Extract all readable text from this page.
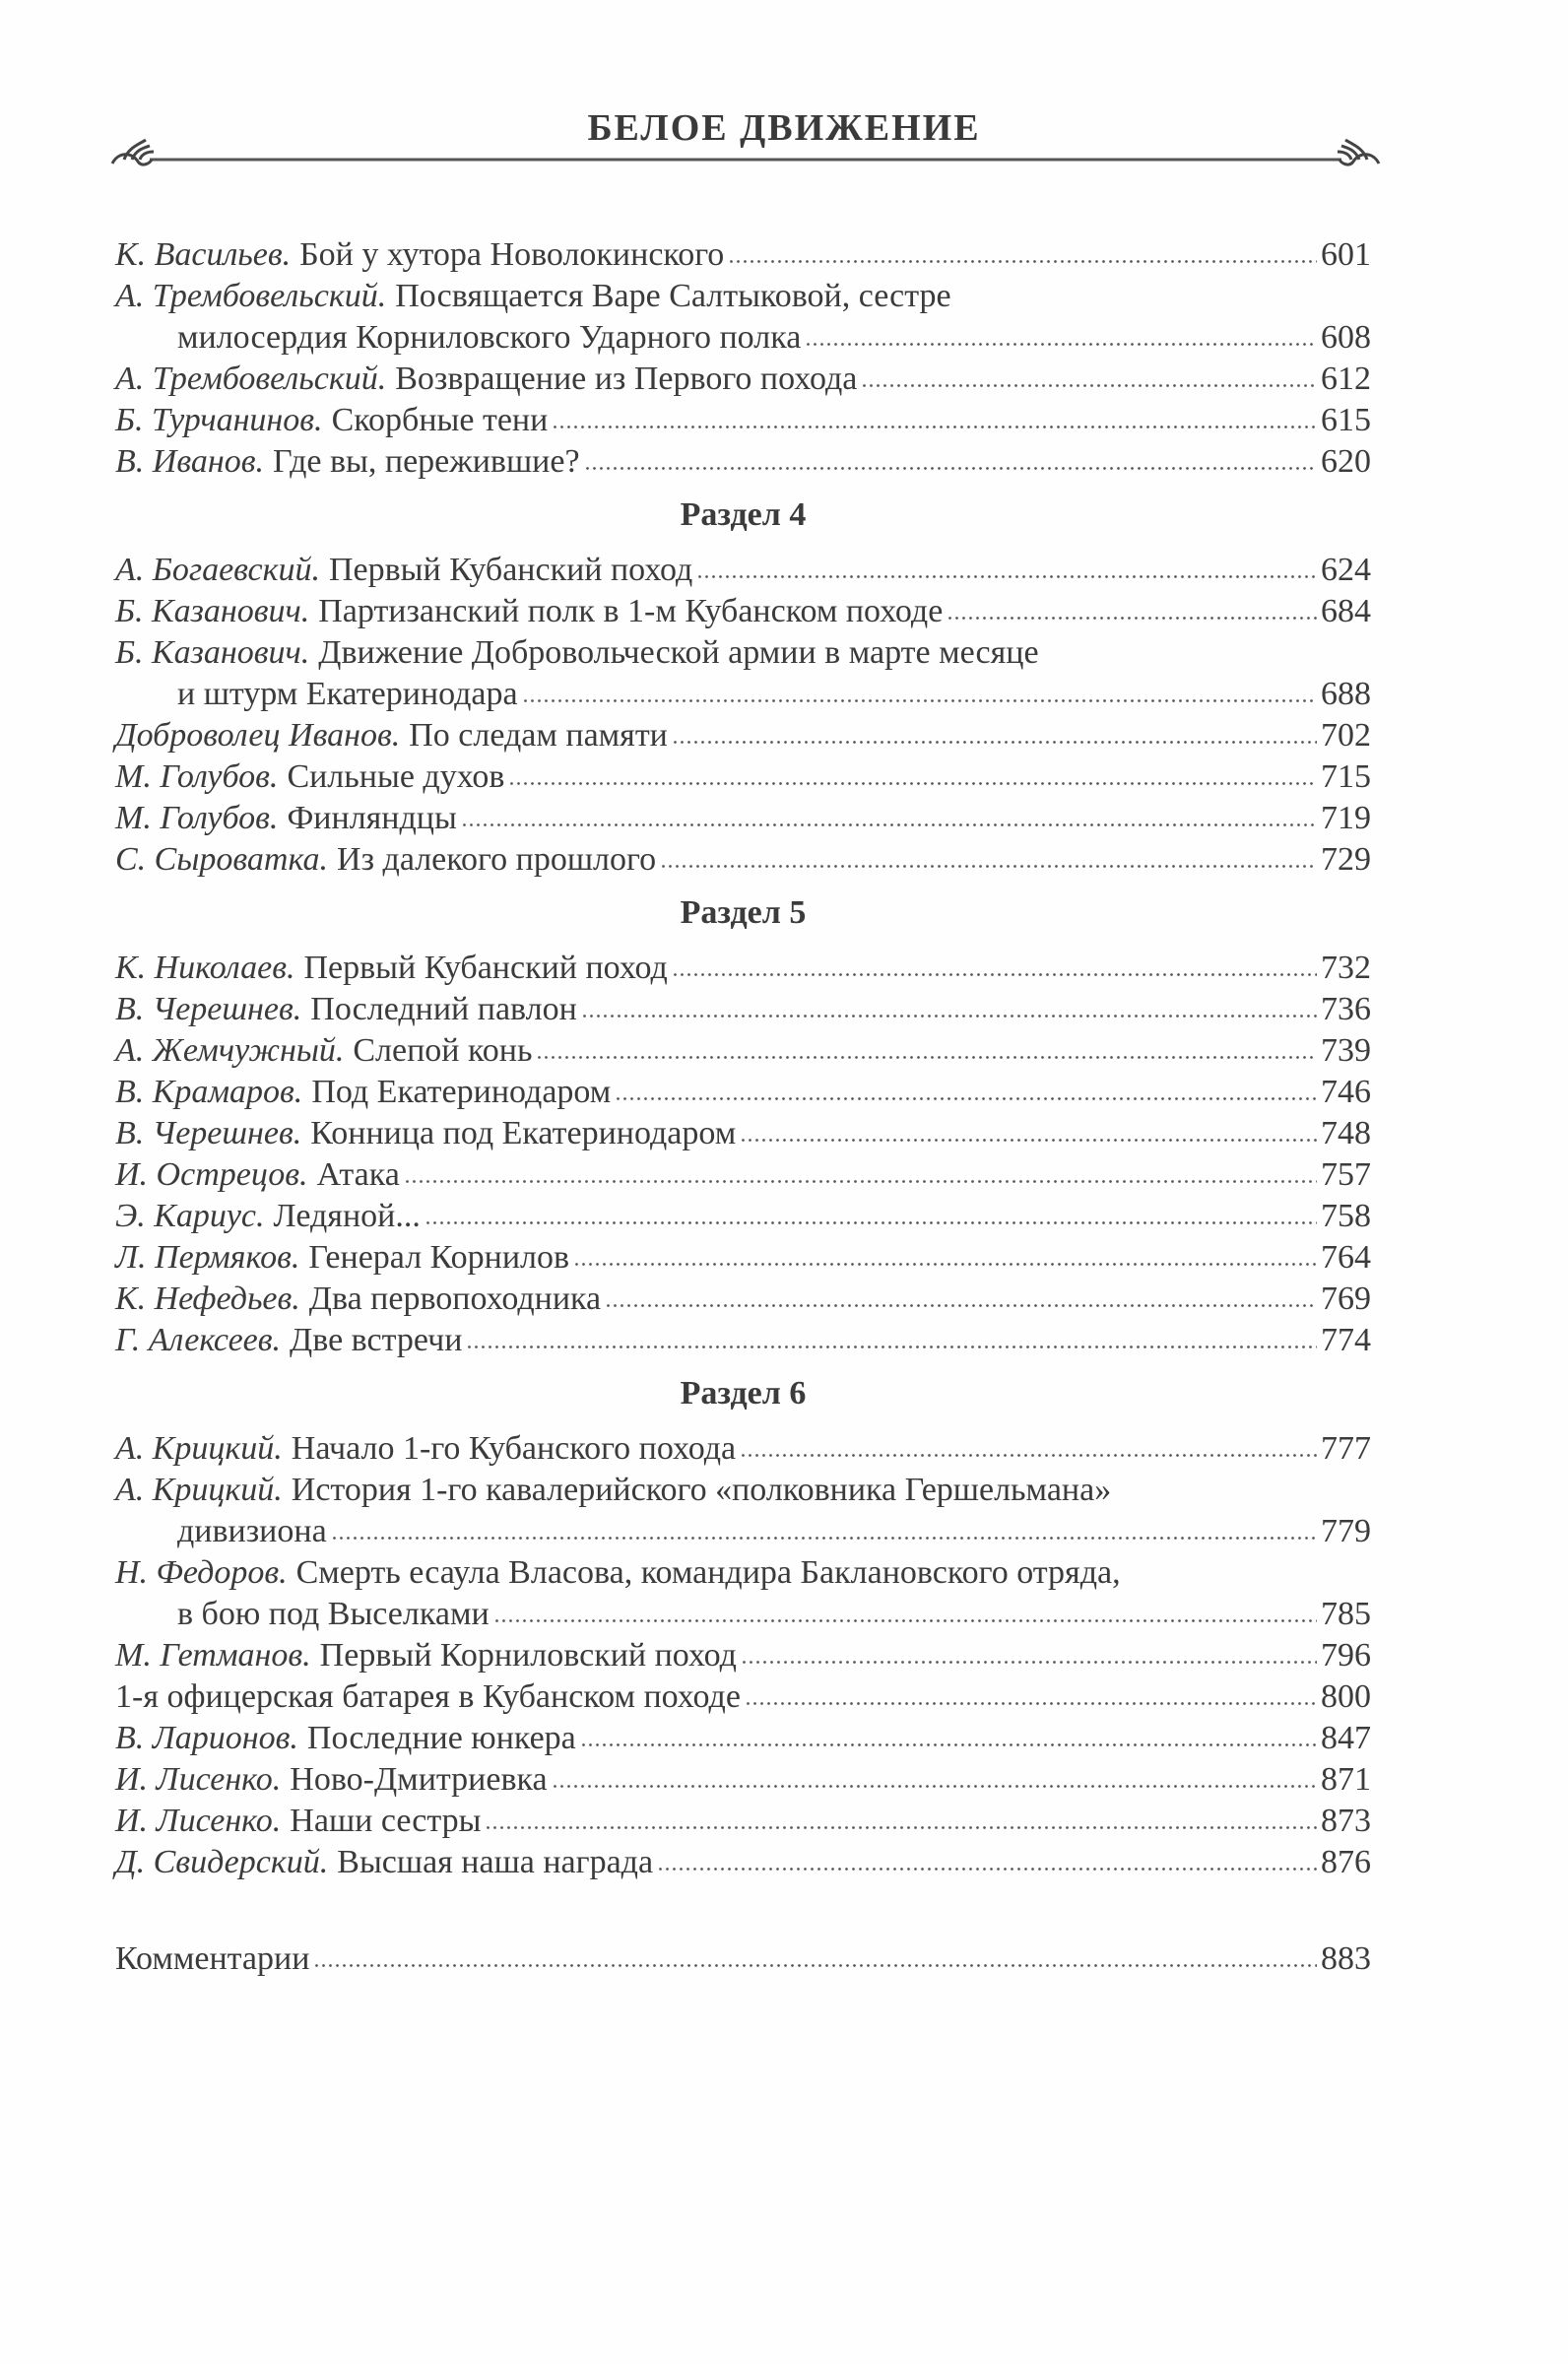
БЕЛОЕ ДВИЖЕНИЕ
К. Васильев. Бой у хутора Новолокинского	601
А. Трембовельский. Посвящается Варе Салтыковой, сестре
милосердия Корниловского Ударного полка	608
А. Трембовельский. Возвращение из Первого похода	612
Б. Турчанинов. Скорбные тени	615
В. Иванов. Где вы, пережившие?	620
Раздел 4
А. Богаевский. Первый Кубанский поход	624
Б. Казанович. Партизанский полк в 1-м Кубанском походе	684
Б. Казанович. Движение Добровольческой армии в марте месяце
и штурм Екатеринодара	688
Доброволец Иванов. По следам памяти	702
М. Голубов. Сильные духов	715
М. Голубов. Финляндцы	719
С. Сыроватка. Из далекого прошлого	729
Раздел 5
К. Николаев. Первый Кубанский поход	732
В. Черешнев. Последний павлон	736
А. Жемчужный. Слепой конь	739
В. Крамаров. Под Екатеринодаром	746
В. Черешнев. Конница под Екатеринодаром	748
И. Острецов. Атака	757
Э. Кариус. Ледяной...	758
Л. Пермяков. Генерал Корнилов	764
К. Нефедьев. Два первопоходника	769
Г. Алексеев. Две встречи	774
Раздел 6
А. Крицкий. Начало 1-го Кубанского похода	777
А. Крицкий. История 1-го кавалерийского «полковника Гершельмана»
дивизиона	779
Н. Федоров. Смерть есаула Власова, командира Баклановского отряда,
в бою под Выселками	785
М. Гетманов. Первый Корниловский поход	796
1-я офицерская батарея в Кубанском походе	800
В. Ларионов. Последние юнкера	847
И. Лисенко. Ново-Дмитриевка	871
И. Лисенко. Наши сестры	873
Д. Свидерский. Высшая наша награда	876
Комментарии	883
